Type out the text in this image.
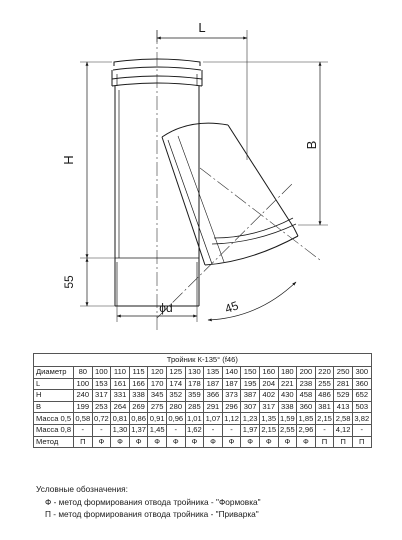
L
H
55
B
ϕd	45
Тройник К-135° (f46)																
Диаметр	80	100	110	115	120	125	130	135	140	150	160	180	200	220	250	300
L	100	153	161	166	170	174	178	187	187	195	204	221	238	255	281	360
H	240	317	331	338	345	352	359	366	373	387	402	430	458	486	529	652
B	199	253	264	269	275	280	285	291	296	307	317	338	360	381	413	503
Масса 0,5	0,58	0,72	0,81	0,86	0,91	0,96	1,01	1,07	1,12	1,23	1,35	1,59	1,85	2,15	2,58	3,82
Масса 0,8	-	-	1,30	1,37	1,45	-	1,62	-	-	1,97	2,15	2,55	2,96	-	4,12	-
Метод	П	Ф	Ф	Ф	Ф	Ф	Ф	Ф	Ф	Ф	Ф	Ф	Ф	П	П	П
Условные обозначения:
Ф - метод формирования отвода тройника - "Формовка"
П - метод формирования отвода тройника - "Приварка"
